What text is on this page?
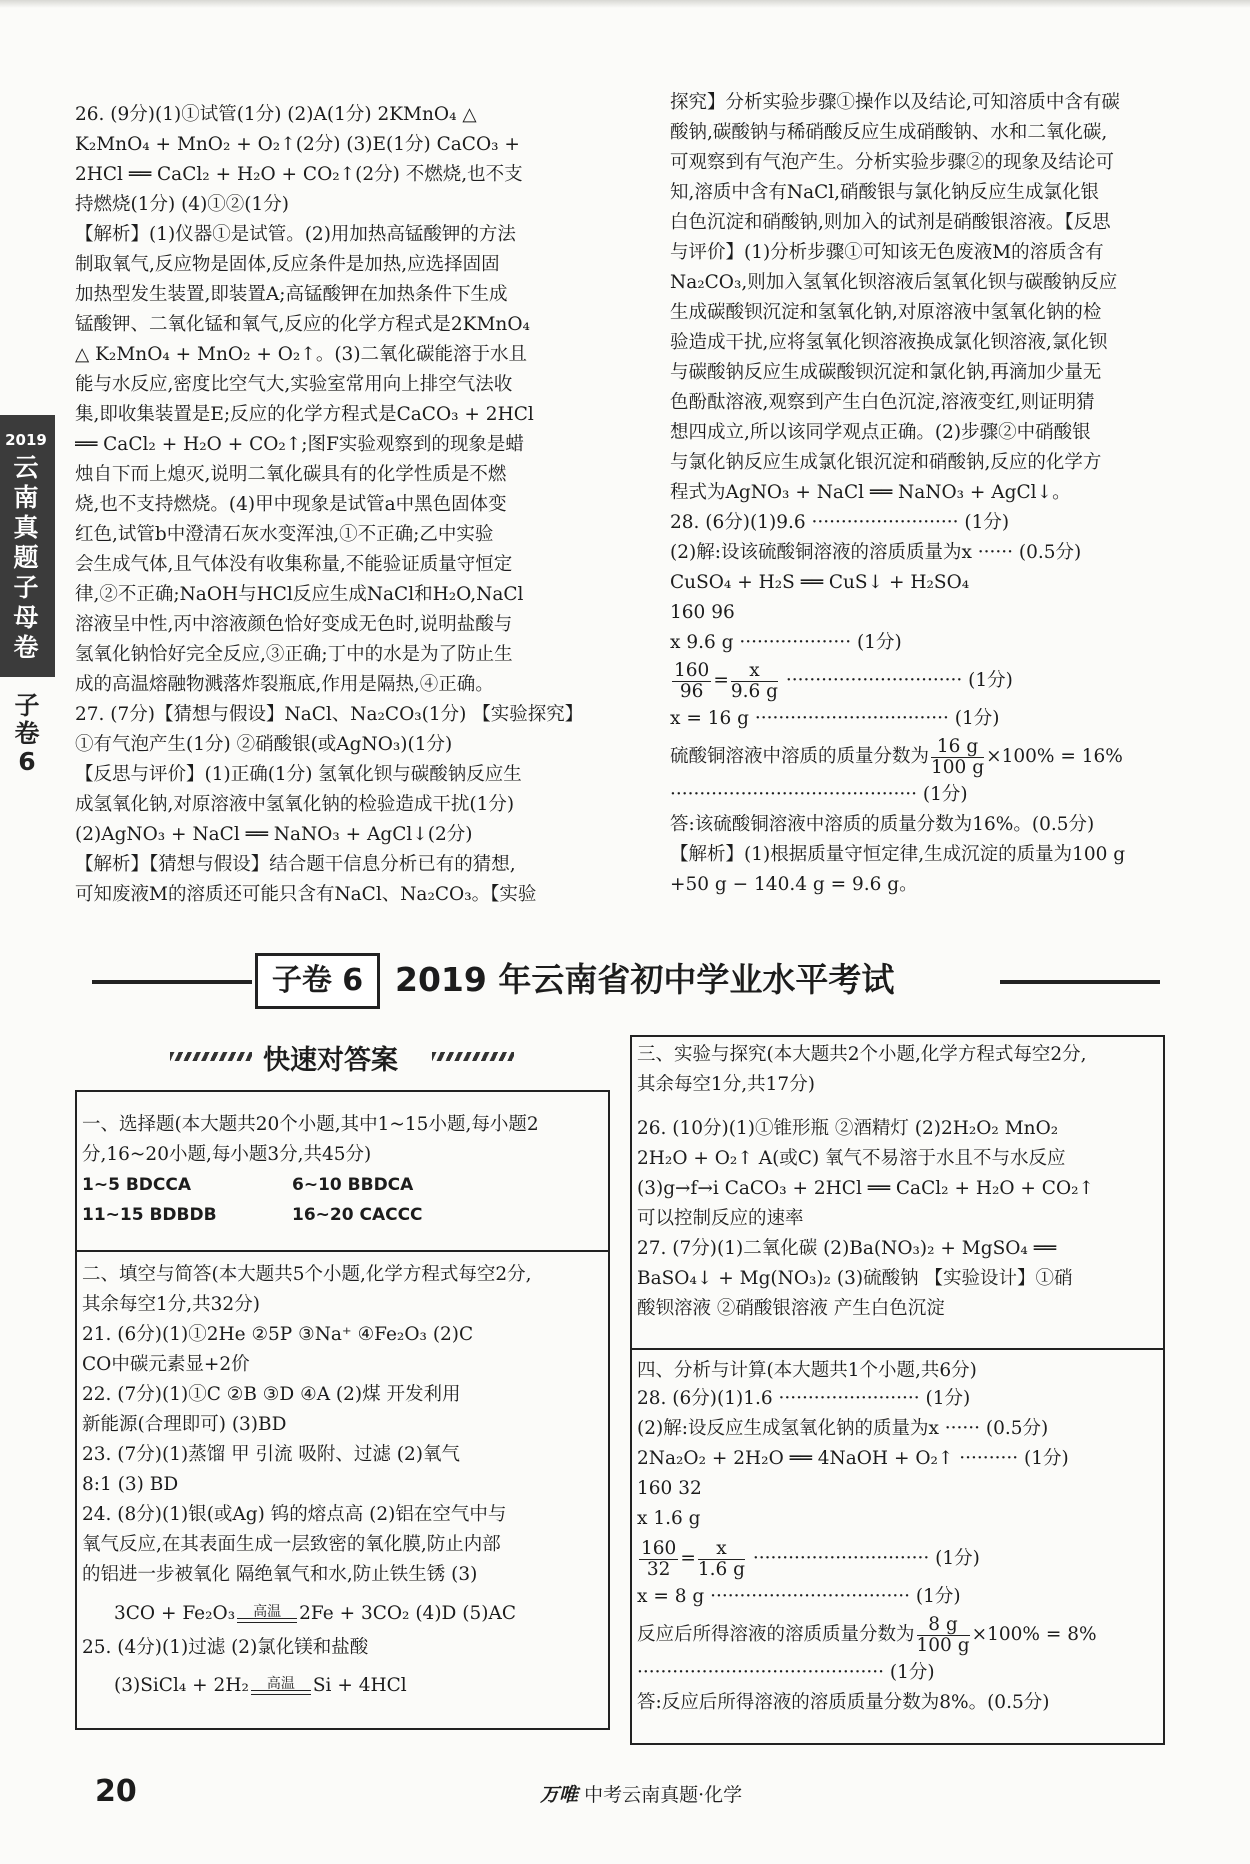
2019
云南真题子母卷
子卷6
26. (9分)(1)①试管(1分) (2)A(1分) 2KMnO₄ △
K₂MnO₄ + MnO₂ + O₂↑(2分) (3)E(1分) CaCO₃ +
2HCl ══ CaCl₂ + H₂O + CO₂↑(2分) 不燃烧,也不支
持燃烧(1分) (4)①②(1分)
【解析】(1)仪器①是试管。(2)用加热高锰酸钾的方法
制取氧气,反应物是固体,反应条件是加热,应选择固固
加热型发生装置,即装置A;高锰酸钾在加热条件下生成
锰酸钾、二氧化锰和氧气,反应的化学方程式是2KMnO₄
△ K₂MnO₄ + MnO₂ + O₂↑。(3)二氧化碳能溶于水且
能与水反应,密度比空气大,实验室常用向上排空气法收
集,即收集装置是E;反应的化学方程式是CaCO₃ + 2HCl
══ CaCl₂ + H₂O + CO₂↑;图F实验观察到的现象是蜡
烛自下而上熄灭,说明二氧化碳具有的化学性质是不燃
烧,也不支持燃烧。(4)甲中现象是试管a中黑色固体变
红色,试管b中澄清石灰水变浑浊,①不正确;乙中实验
会生成气体,且气体没有收集称量,不能验证质量守恒定
律,②不正确;NaOH与HCl反应生成NaCl和H₂O,NaCl
溶液呈中性,丙中溶液颜色恰好变成无色时,说明盐酸与
氢氧化钠恰好完全反应,③正确;丁中的水是为了防止生
成的高温熔融物溅落炸裂瓶底,作用是隔热,④正确。
27. (7分)【猜想与假设】NaCl、Na₂CO₃(1分) 【实验探究】
①有气泡产生(1分) ②硝酸银(或AgNO₃)(1分)
【反思与评价】(1)正确(1分) 氢氧化钡与碳酸钠反应生
成氢氧化钠,对原溶液中氢氧化钠的检验造成干扰(1分)
(2)AgNO₃ + NaCl ══ NaNO₃ + AgCl↓(2分)
【解析】【猜想与假设】结合题干信息分析已有的猜想,
可知废液M的溶质还可能只含有NaCl、Na₂CO₃。【实验
探究】分析实验步骤①操作以及结论,可知溶质中含有碳
酸钠,碳酸钠与稀硝酸反应生成硝酸钠、水和二氧化碳,
可观察到有气泡产生。分析实验步骤②的现象及结论可
知,溶质中含有NaCl,硝酸银与氯化钠反应生成氯化银
白色沉淀和硝酸钠,则加入的试剂是硝酸银溶液。【反思
与评价】(1)分析步骤①可知该无色废液M的溶质含有
Na₂CO₃,则加入氢氧化钡溶液后氢氧化钡与碳酸钠反应
生成碳酸钡沉淀和氢氧化钠,对原溶液中氢氧化钠的检
验造成干扰,应将氢氧化钡溶液换成氯化钡溶液,氯化钡
与碳酸钠反应生成碳酸钡沉淀和氯化钠,再滴加少量无
色酚酞溶液,观察到产生白色沉淀,溶液变红,则证明猜
想四成立,所以该同学观点正确。(2)步骤②中硝酸银
与氯化钠反应生成氯化银沉淀和硝酸钠,反应的化学方
程式为AgNO₃ + NaCl ══ NaNO₃ + AgCl↓。
28. (6分)(1)9.6 ························· (1分)
(2)解:设该硫酸铜溶液的溶质质量为x ······ (0.5分)
CuSO₄ + H₂S ══ CuS↓ + H₂SO₄
160 96
x 9.6 g ··················· (1分)
$\frac{160}{96} = \frac{x}{9.6 g}$ ······························ (1分)
x = 16 g ································· (1分)
硫酸铜溶液中溶质的质量分数为 $\frac{16 g}{100 g} \times 100\% = 16\%$
·········································· (1分)
答:该硫酸铜溶液中溶质的质量分数为16%。(0.5分)
【解析】(1)根据质量守恒定律,生成沉淀的质量为100 g
+50 g − 140.4 g = 9.6 g。
子卷 6 2019 年云南省初中学业水平考试
快速对答案
一、选择题(本大题共20个小题,其中1~15小题,每小题2
分,16~20小题,每小题3分,共45分)
1~5 BDCCA	6~10 BBDCA
11~15 BDBDB	16~20 CACCC
二、填空与简答(本大题共5个小题,化学方程式每空2分,
其余每空1分,共32分)
21. (6分)(1)①2He ②5P ③Na⁺ ④Fe₂O₃ (2)C
CO中碳元素显+2价
22. (7分)(1)①C ②B ③D ④A (2)煤 开发利用
新能源(合理即可) (3)BD
23. (7分)(1)蒸馏 甲 引流 吸附、过滤 (2)氧气
8:1 (3) BD
24. (8分)(1)银(或Ag) 钨的熔点高 (2)铝在空气中与
氧气反应,在其表面生成一层致密的氧化膜,防止内部
的铝进一步被氧化 隔绝氧气和水,防止铁生锈 (3)
3CO + Fe₂O₃	高温 2Fe + 3CO₂ (4)D (5)AC
25. (4分)(1)过滤 (2)氯化镁和盐酸
(3)SiCl₄ + 2H₂	高温 Si + 4HCl
三、实验与探究(本大题共2个小题,化学方程式每空2分,
其余每空1分,共17分)
26. (10分)(1)①锥形瓶 ②酒精灯 (2)2H₂O₂ MnO₂
2H₂O + O₂↑ A(或C) 氧气不易溶于水且不与水反应
(3)g→f→i CaCO₃ + 2HCl ══ CaCl₂ + H₂O + CO₂↑
可以控制反应的速率
27. (7分)(1)二氧化碳 (2)Ba(NO₃)₂ + MgSO₄ ══
BaSO₄↓ + Mg(NO₃)₂ (3)硫酸钠 【实验设计】①硝
酸钡溶液 ②硝酸银溶液 产生白色沉淀
四、分析与计算(本大题共1个小题,共6分)
28. (6分)(1)1.6 ························ (1分)
(2)解:设反应生成氢氧化钠的质量为x ······ (0.5分)
2Na₂O₂ + 2H₂O ══ 4NaOH + O₂↑ ·········· (1分)
160 32
x 1.6 g
$\frac{160}{32} = \frac{x}{1.6 g}$ ······························ (1分)
x = 8 g ·································· (1分)
反应后所得溶液的溶质质量分数为 $\frac{8 g}{100 g} \times 100\% = 8\%$
·········································· (1分)
答:反应后所得溶液的溶质质量分数为8%。(0.5分)
20	万唯 中考云南真题·化学
